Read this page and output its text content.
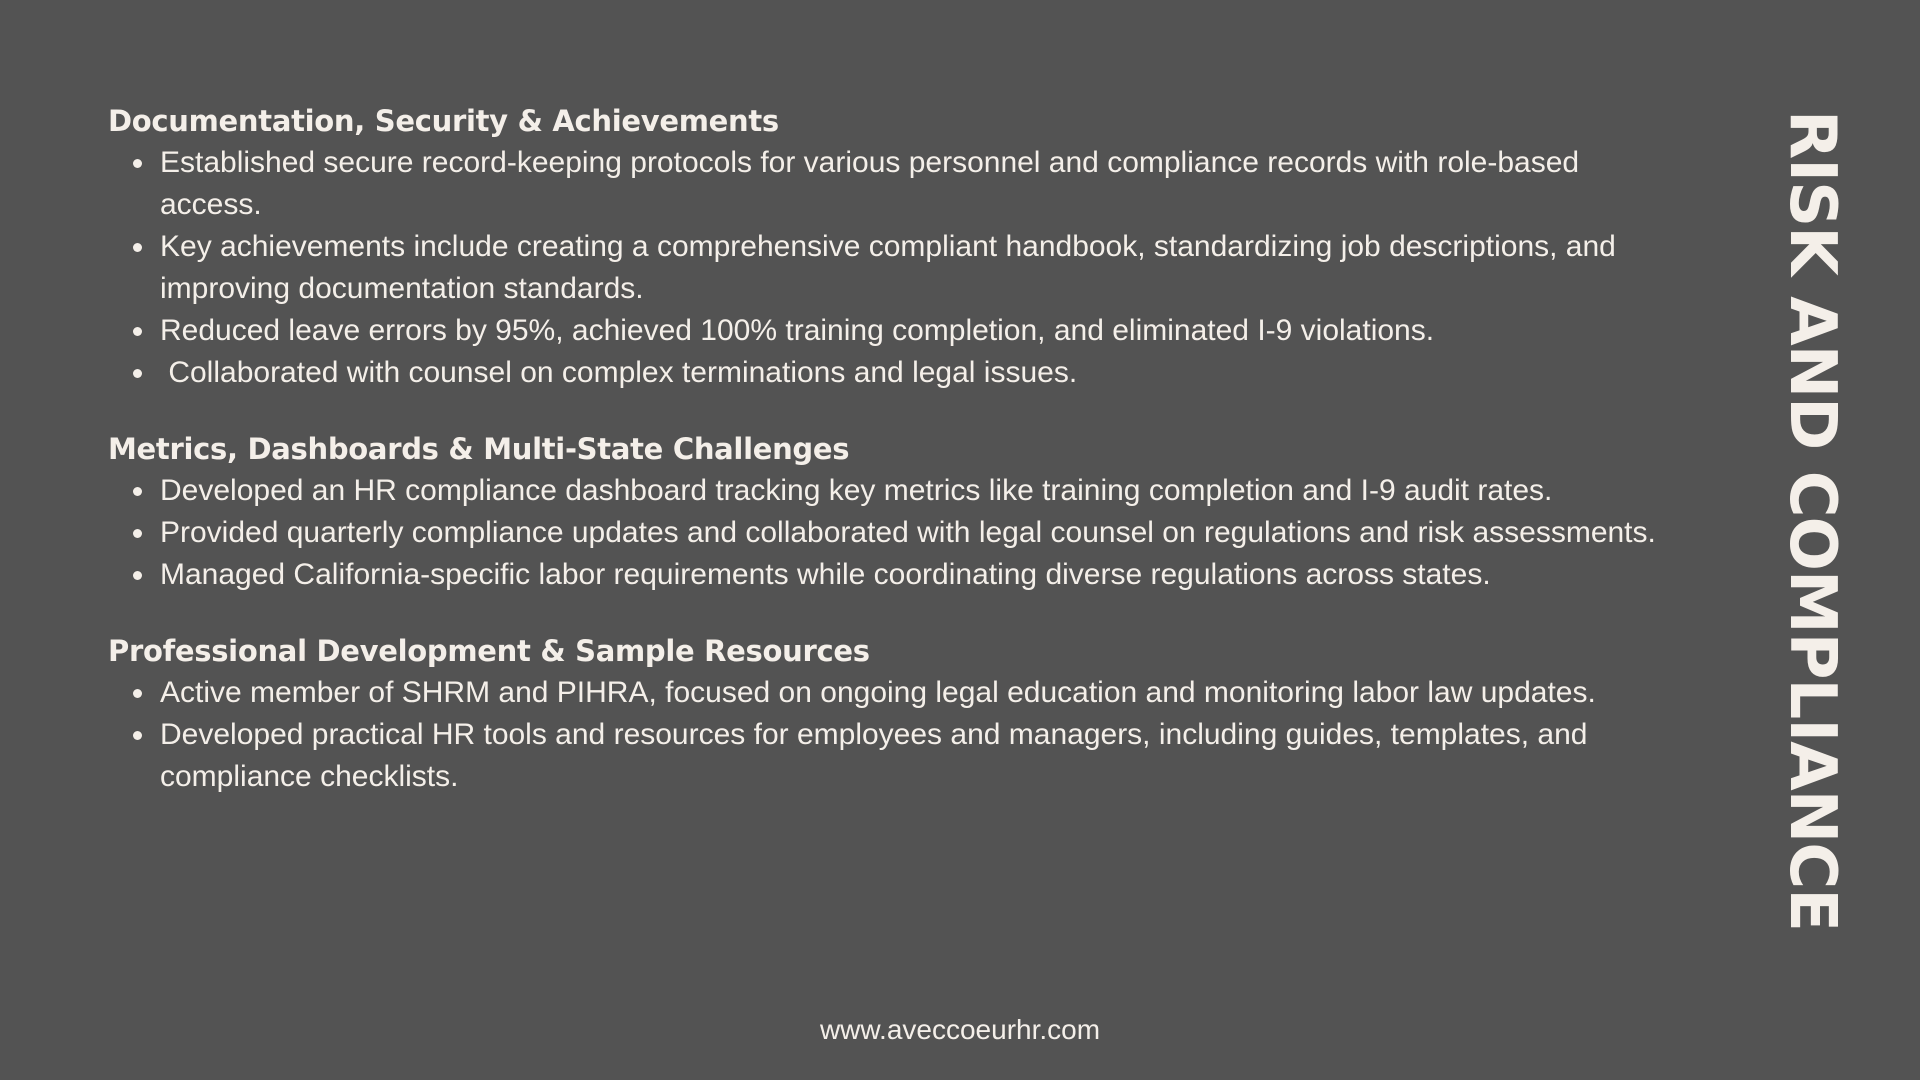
Documentation, Security & Achievements
Established secure record-keeping protocols for various personnel and compliance records with role-based access.
Key achievements include creating a comprehensive compliant handbook, standardizing job descriptions, and improving documentation standards.
Reduced leave errors by 95%, achieved 100% training completion, and eliminated I-9 violations.
Collaborated with counsel on complex terminations and legal issues.
Metrics, Dashboards & Multi-State Challenges
Developed an HR compliance dashboard tracking key metrics like training completion and I-9 audit rates.
Provided quarterly compliance updates and collaborated with legal counsel on regulations and risk assessments.
Managed California-specific labor requirements while coordinating diverse regulations across states.
Professional Development & Sample Resources
Active member of SHRM and PIHRA, focused on ongoing legal education and monitoring labor law updates.
Developed practical HR tools and resources for employees and managers, including guides, templates, and compliance checklists.	RISK AND COMPLIANCE
www.aveccoeurhr.com
